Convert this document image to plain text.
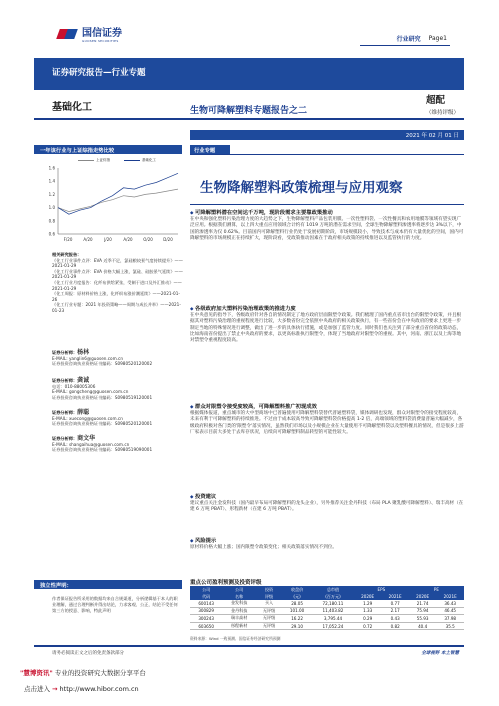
国信证券
GUOSEN SECURITIES	行业研究 Page1
证券研究报告—行业专题
基础化工	生物可降解塑料专题报告之二
超配
（维持评级）
2021 年 02 月 01 日
一年该行业与上证综指走势比较
上证综指	基础化工
1.6
1.4
1.2
1.0
0.8
0.6
F/20	A/20	J/20	A/20	O/20	D/20
相关研究报告：
《化工行业事件点评：EVA 近季不足，氯硅粮较景气度持续提升》——2021-01-29
《化工行业事件点评：EVA 价格大幅上涨，氯硅、硅胶景气延续》——2021-01-29
《化工行业月度报告：化纤布供给紧张，受制于进口及外汇推动》——2021-01-29
《化工周报：原材料价格上涨，化纤织布涨价潮延续》——2021-01-26
《化工行业专题：2021 年投资策略——周期与成长并举》——2021-01-23
证券分析师：杨林
E-MAIL: yanglin6@guosen.com.cn
证券投资咨询执业资格证书编码：S0980520120002
证券分析师：龚诚
电话：010-88005306
E-MAIL: gongcheng@guosen.com.cn
证券投资咨询执业资格证书编码：S0980519120001
证券分析师：薛聪
E-MAIL: xuecong@guosen.com.cn
证券投资咨询执业资格证书编码：S0980520120001
证券分析师：商文华
E-MAIL: shangaihua@guosen.com.cn
证券投资咨询执业资格证书编码：S0980519090001
独立性声明：
作者保证报告所采用的数据均来自合规渠道，分析逻辑基于本人的职业理解，通过合理判断并得出结论，力求客观、公正，结论不受任何第三方的授意、影响，特此声明
行业专题
生物降解塑料政策梳理与应用观察

◆ 可降解塑料潜在空间达千万吨，现阶段需求主要靠政策推动

在中央和强化塑料污染治理力度的大趋势之下，生物降解塑料产品包装用膜、一次性塑料袋、一次性餐具和农用地膜等领域有望实现广泛应用。根据我们测算，以上四大重点应用领域合计约有 1019 万吨的潜在需求空间，全球生物降解塑料渗透率将逐步达 3%以下，中国的渗透率为仅 0.62%。目前国内可降解塑料行业仍处于发展初期阶段，市场规模较小，导致技术与成本仍有大量优化的空间，国内可降解塑料的市场规模正在持续扩大，现阶段看，受政策推动因素在于政府相关政策的持续推进以及监管执行的力度。

◆ 各级政府加大塑料污染治理政策的推进力度

在中央意见的指导下，各级政府针对各自的情况制定了地方政府层面限塑令政策。我们梳理了国内重点省市出台的限塑令政策，并且根据其对塑料污染治理的重视程度进行比较，大多数省份完全依照中央政府的相关政策执行，有一些省份会在中央政府的要求上更进一步制定当地的特殊情况进行调整，做出了进一步的具体执行措施，或是加强了监管力度。同时我们也关注到了部分重点省份的政策动态，比如海南省份提出了禁止中央政府的要求，以更高标准执行限塑令，体现了当地政府对限塑令的重视。其中，河南、浙江以及上海等地对禁塑令重视程度较高。

◆ 群众对限塑令接受度较高，可降解塑料推广初现成效

根据媒体报道，重点城市的大中型商场中已普遍使用可降解塑料袋替代普通塑料袋，媒体调研也发现，群众对限塑令的接受程度较高，未来有利于可降解塑料的持续推进。不过由于成本较高导致可降解塑料袋价格提高 1-2 倍，高端领域的塑料袋消费量普遍大幅减少，各级政府积极对各门类的'限塑令'落实情况，虽然我们市场以及小规模企业在大量使用不可降解塑料袋以及塑料餐具的情况，但是很多上游厂家表示目前大多处于去库存状况，后续向可降解塑料制品转型的可能性较大。

◆ 投资建议

建议重点关注金发科技（国内最早布局可降解塑料的龙头企业），另外推荐关注金丹科技（布局 PLA 聚乳酸可降解塑料）、瑞丰高材（在建 6 万吨 PBAT）、彤程新材（在建 6 万吨 PBAT）。

◆ 风险提示

原材料价格大幅上涨；国内限塑令政策变化；相关政策落实情况不到位。

重点公司盈利预测及投资评级
公司	公司	投资	收盘价	总市值	EPS		PE	
代码	名称	评级	(元)	(百万元)	2020E	2021E	2020E	2021E
600143	金发科技	买入	28.05	72,180.11	1.29	0.77	21.74	36.43
300829	金丹科技	无评级	101.00	11,403.82	1.33	2.17	75.94	46.45
300243	瑞丰高材	无评级	16.22	3,795.44	0.29	0.43	55.93	37.98
603650	彤程新材	无评级	29.10	17,052.24	0.72	0.82	40.4	35.5
资料来源：Wind 一致预测、国信证券经济研究所预测
请务必阅读正文之后的免责条款部分	全球视野 本土智慧
"慧博资讯" 专业的投资研究大数据分享平台
点击进入 → http://www.hibor.com.cn
